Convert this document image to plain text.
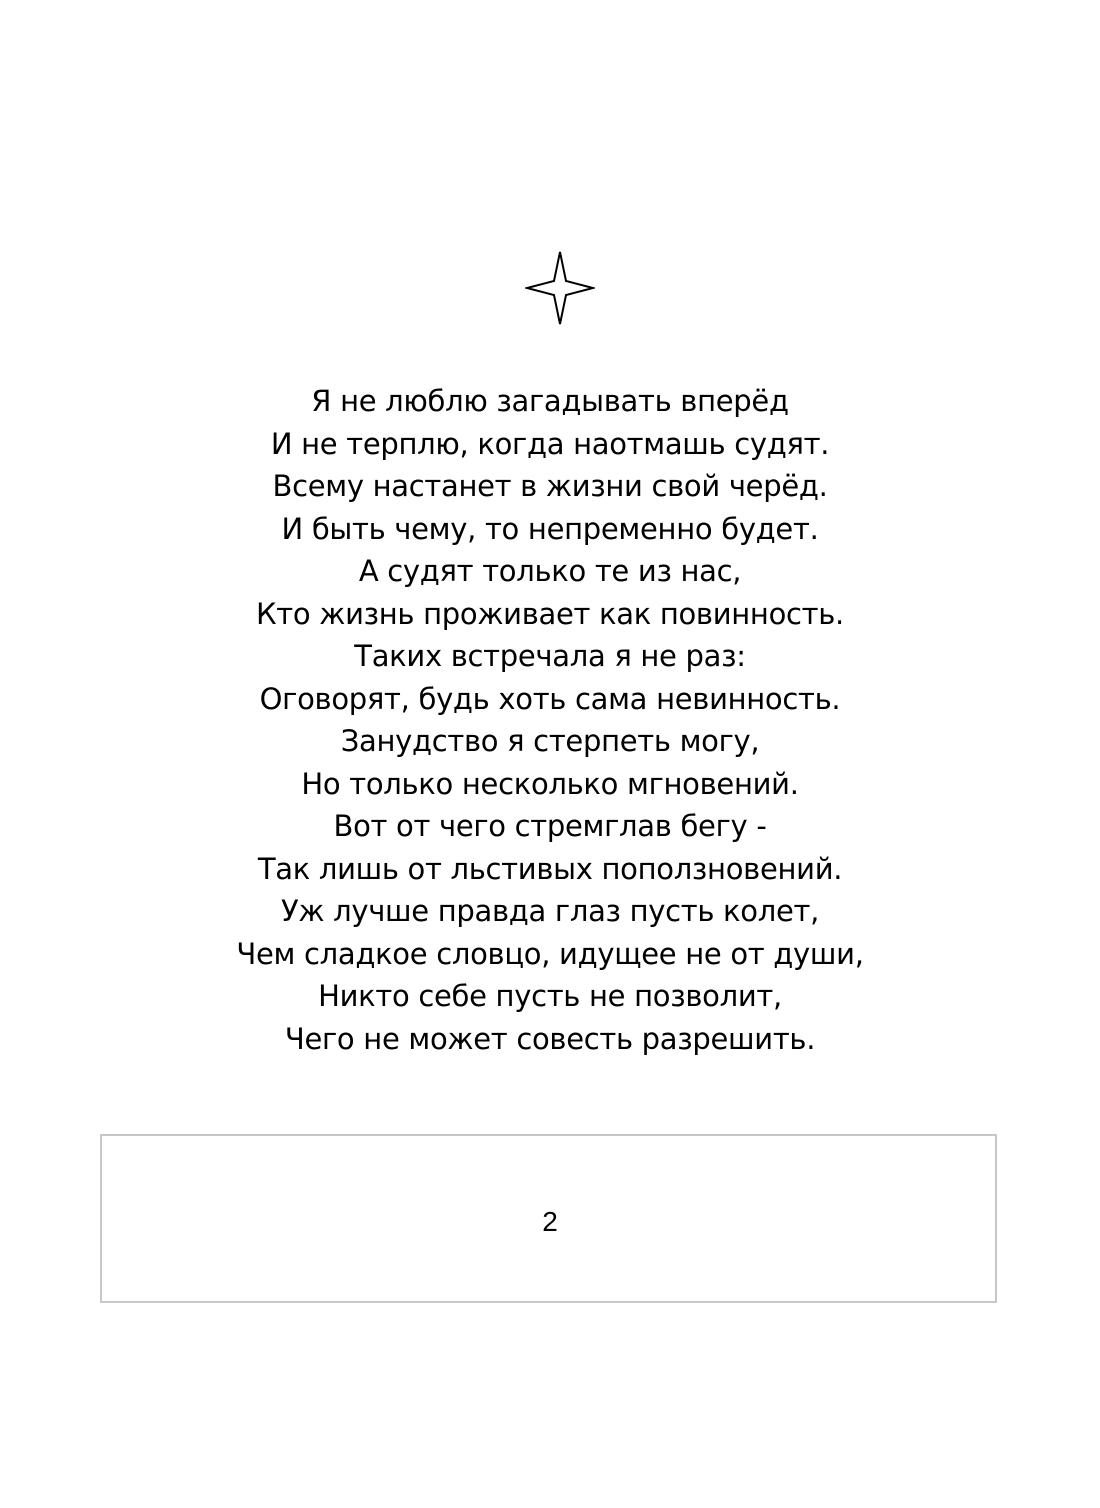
Я не люблю загадывать вперёд
И не терплю, когда наотмашь судят.
Всему настанет в жизни свой черёд.
И быть чему, то непременно будет.
А судят только те из нас,
Кто жизнь проживает как повинность.
Таких встречала я не раз:
Оговорят, будь хоть сама невинность.
Занудство я стерпеть могу,
Но только несколько мгновений.
Вот от чего стремглав бегу -
Так лишь от льстивых поползновений.
Уж лучше правда глаз пусть колет,
Чем сладкое словцо, идущее не от души,
Никто себе пусть не позволит,
Чего не может совесть разрешить.
2
